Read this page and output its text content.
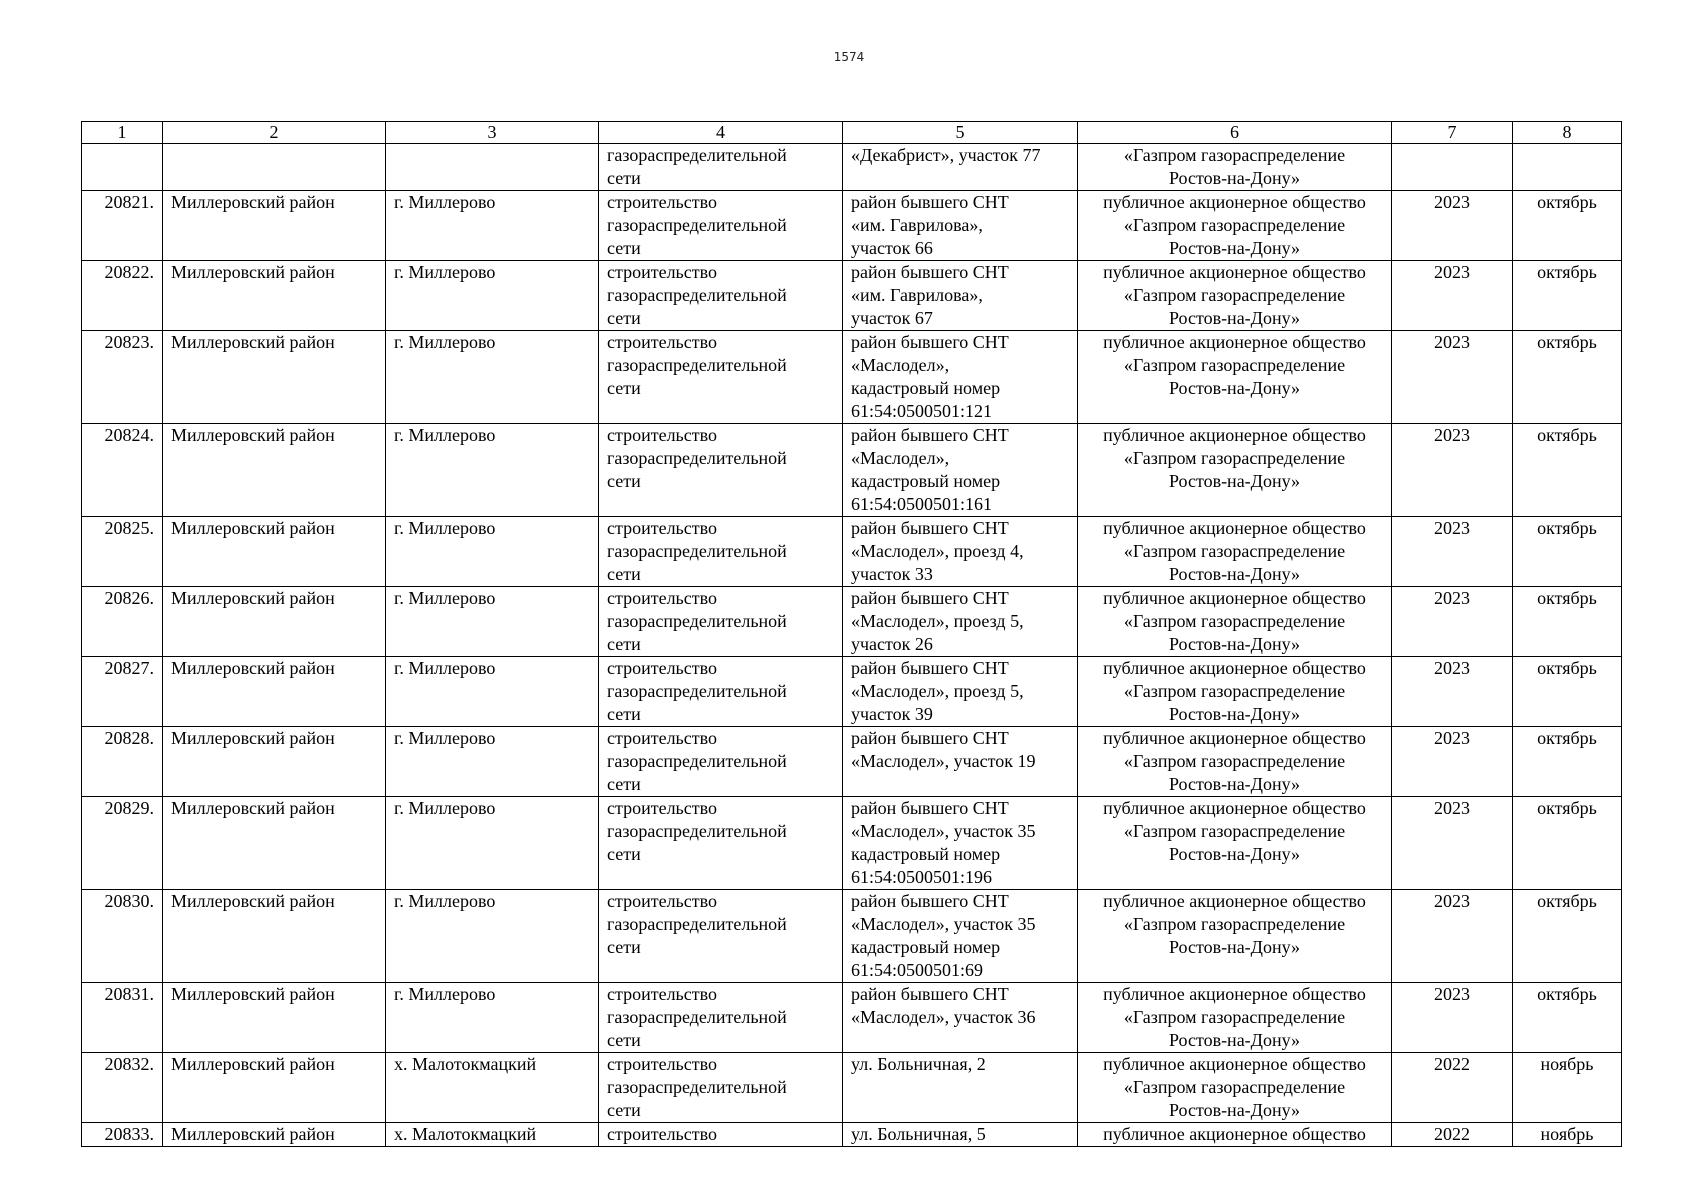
1574
1	2	3	4	5	6	7	8
			газораспределительной
сети	«Декабрист», участок 77	«Газпром газораспределение
Ростов-на-Дону»		
20821.	Миллеровский район	г. Миллерово	строительство
газораспределительной
сети	район бывшего СНТ
«им. Гаврилова»,
участок 66	публичное акционерное общество
«Газпром газораспределение
Ростов-на-Дону»	2023	октябрь
20822.	Миллеровский район	г. Миллерово	строительство
газораспределительной
сети	район бывшего СНТ
«им. Гаврилова»,
участок 67	публичное акционерное общество
«Газпром газораспределение
Ростов-на-Дону»	2023	октябрь
20823.	Миллеровский район	г. Миллерово	строительство
газораспределительной
сети	район бывшего СНТ
«Маслодел»,
кадастровый номер
61:54:0500501:121	публичное акционерное общество
«Газпром газораспределение
Ростов-на-Дону»	2023	октябрь
20824.	Миллеровский район	г. Миллерово	строительство
газораспределительной
сети	район бывшего СНТ
«Маслодел»,
кадастровый номер
61:54:0500501:161	публичное акционерное общество
«Газпром газораспределение
Ростов-на-Дону»	2023	октябрь
20825.	Миллеровский район	г. Миллерово	строительство
газораспределительной
сети	район бывшего СНТ
«Маслодел», проезд 4,
участок 33	публичное акционерное общество
«Газпром газораспределение
Ростов-на-Дону»	2023	октябрь
20826.	Миллеровский район	г. Миллерово	строительство
газораспределительной
сети	район бывшего СНТ
«Маслодел», проезд 5,
участок 26	публичное акционерное общество
«Газпром газораспределение
Ростов-на-Дону»	2023	октябрь
20827.	Миллеровский район	г. Миллерово	строительство
газораспределительной
сети	район бывшего СНТ
«Маслодел», проезд 5,
участок 39	публичное акционерное общество
«Газпром газораспределение
Ростов-на-Дону»	2023	октябрь
20828.	Миллеровский район	г. Миллерово	строительство
газораспределительной
сети	район бывшего СНТ
«Маслодел», участок 19	публичное акционерное общество
«Газпром газораспределение
Ростов-на-Дону»	2023	октябрь
20829.	Миллеровский район	г. Миллерово	строительство
газораспределительной
сети	район бывшего СНТ
«Маслодел», участок 35
кадастровый номер
61:54:0500501:196	публичное акционерное общество
«Газпром газораспределение
Ростов-на-Дону»	2023	октябрь
20830.	Миллеровский район	г. Миллерово	строительство
газораспределительной
сети	район бывшего СНТ
«Маслодел», участок 35
кадастровый номер
61:54:0500501:69	публичное акционерное общество
«Газпром газораспределение
Ростов-на-Дону»	2023	октябрь
20831.	Миллеровский район	г. Миллерово	строительство
газораспределительной
сети	район бывшего СНТ
«Маслодел», участок 36	публичное акционерное общество
«Газпром газораспределение
Ростов-на-Дону»	2023	октябрь
20832.	Миллеровский район	х. Малотокмацкий	строительство
газораспределительной
сети	ул. Больничная, 2	публичное акционерное общество
«Газпром газораспределение
Ростов-на-Дону»	2022	ноябрь
20833.	Миллеровский район	х. Малотокмацкий	строительство	ул. Больничная, 5	публичное акционерное общество	2022	ноябрь
